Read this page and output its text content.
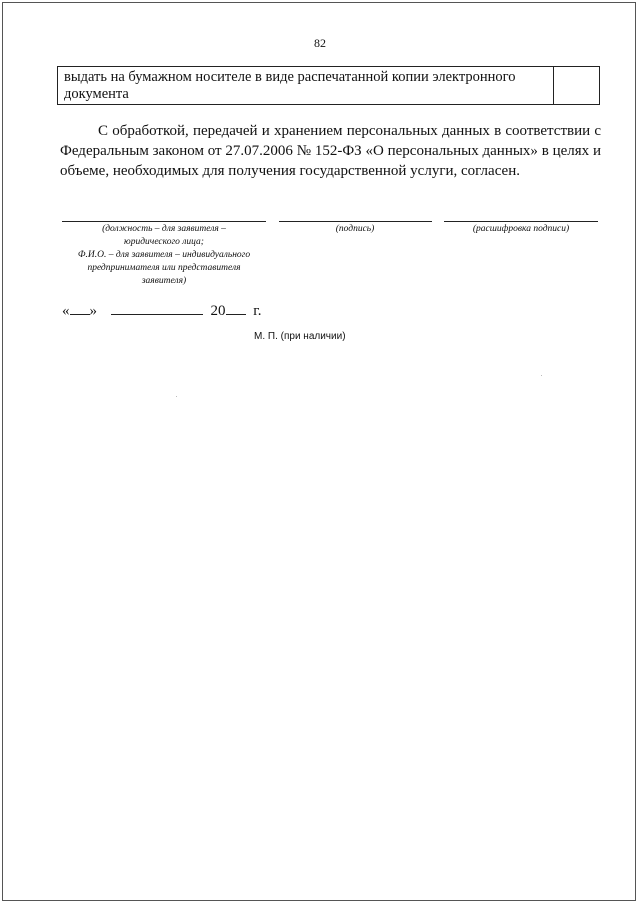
82
выдать на бумажном носителе в виде распечатанной копии электронного документа
С обработкой, передачей и хранением персональных данных в соответствии с Федеральным законом от 27.07.2006 № 152-ФЗ «О персональных данных» в целях и объеме, необходимых для получения государственной услуги, согласен.
(должность – для заявителя –
юридического лица;
Ф.И.О. – для заявителя – индивидуального
предпринимателя или представителя
заявителя)
(подпись)	(расшифровка подписи)
« »	20 г.
М. П. (при наличии)
